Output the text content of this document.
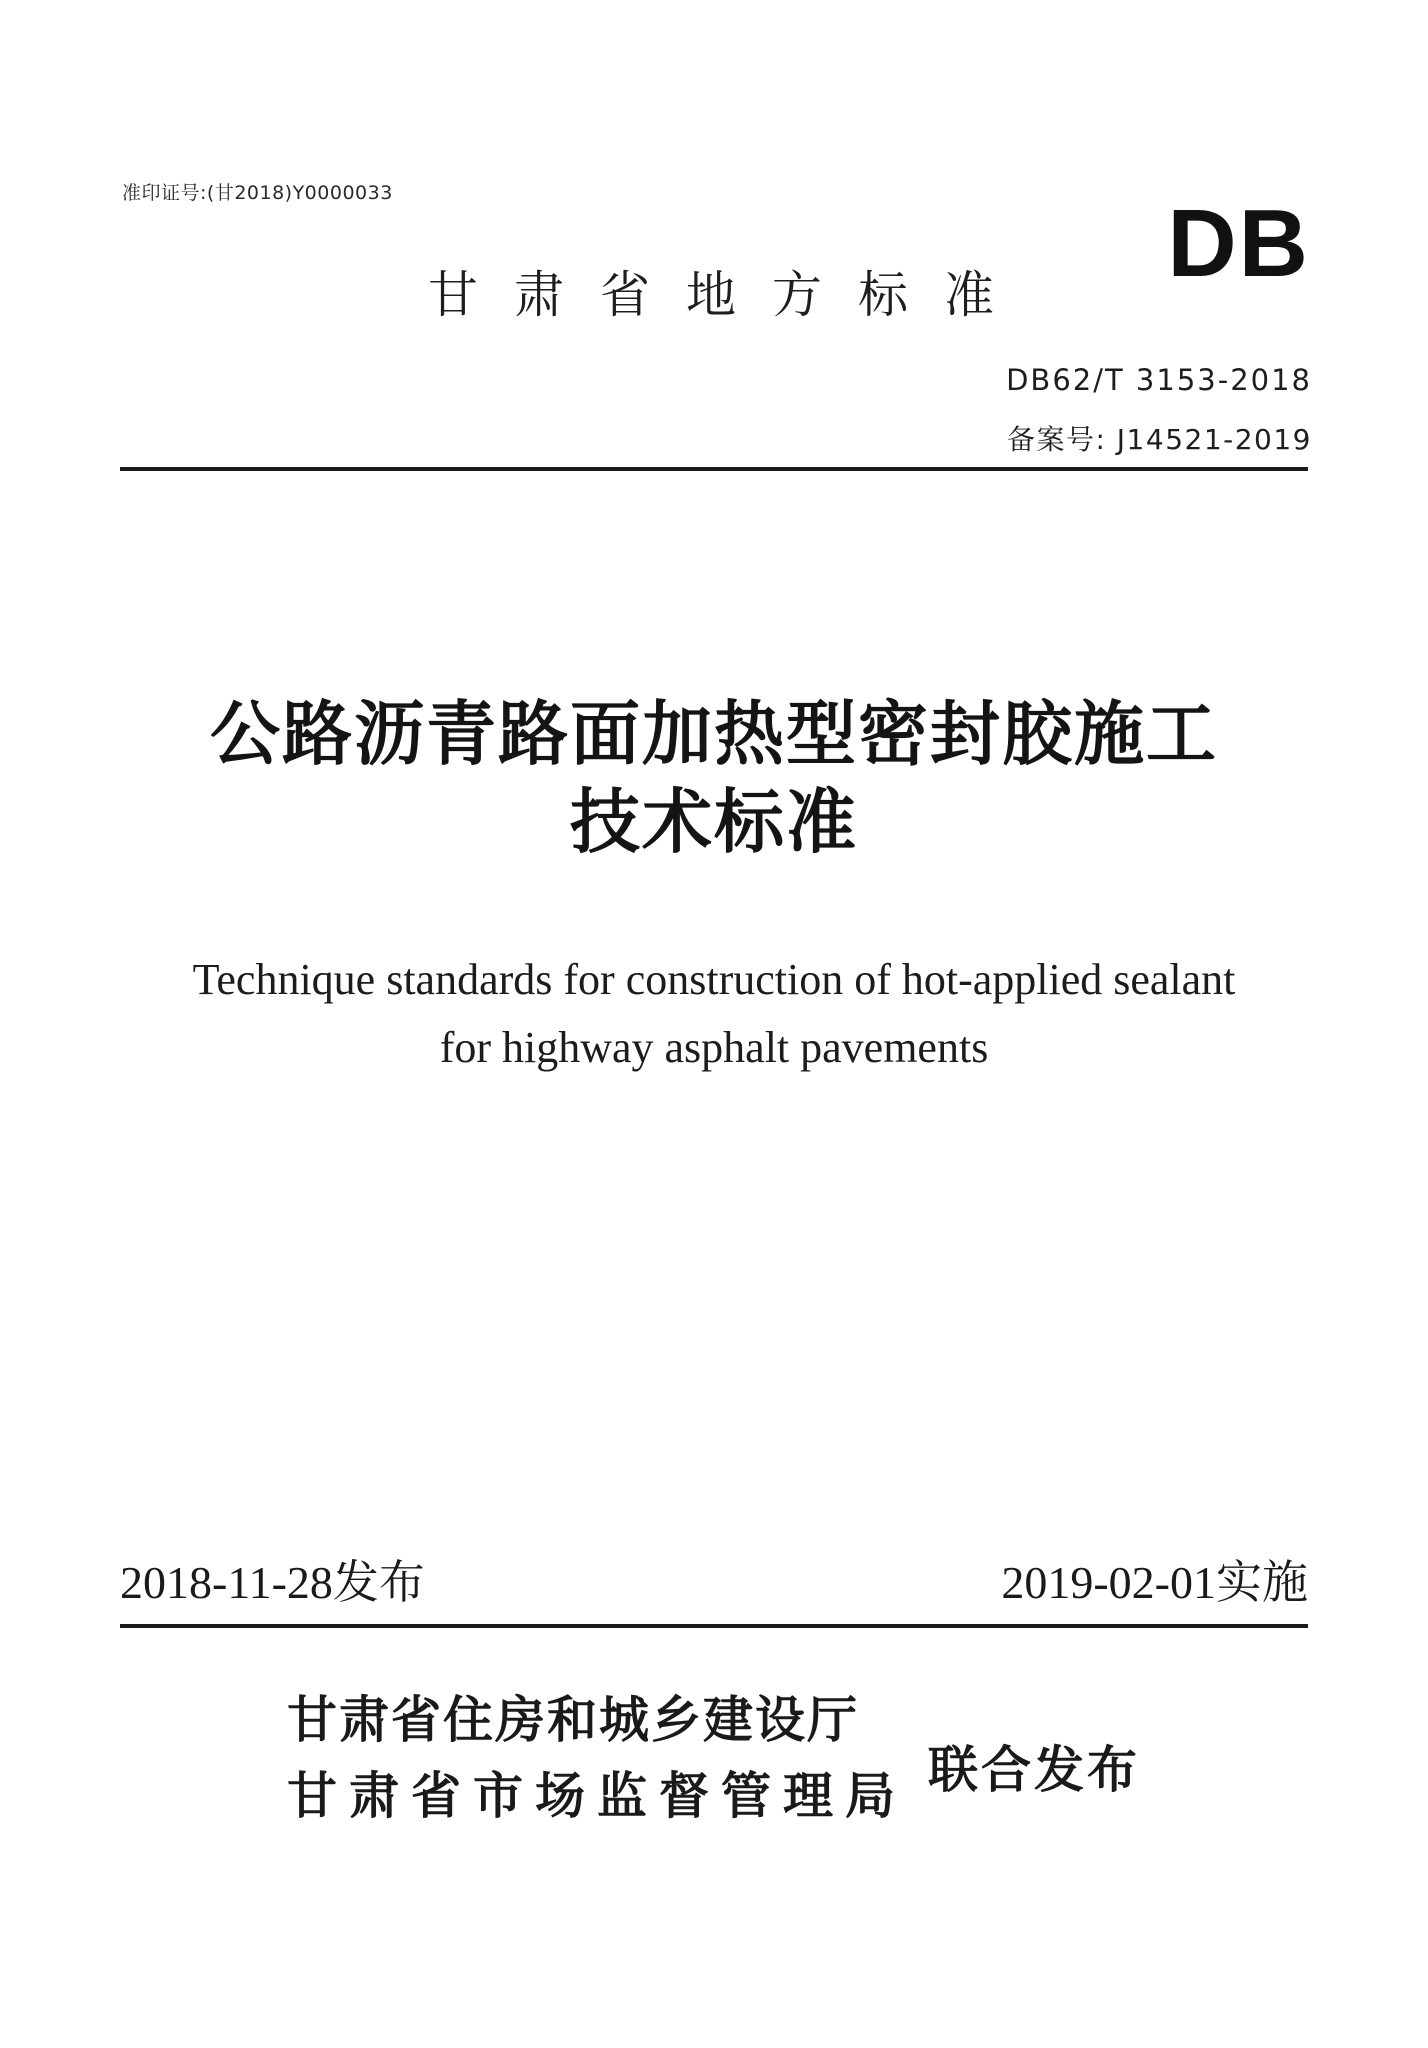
准印证号:(甘2018)Y0000033	DB
甘肃省地方标准
DB62/T 3153-2018
备案号: J14521-2019
公路沥青路面加热型密封胶施工
技术标准
Technique standards for construction of hot-applied sealant
for highway asphalt pavements
2018-11-28发布	2019-02-01实施
甘肃省住房和城乡建设厅
甘肃省市场监督管理局 联合发布
